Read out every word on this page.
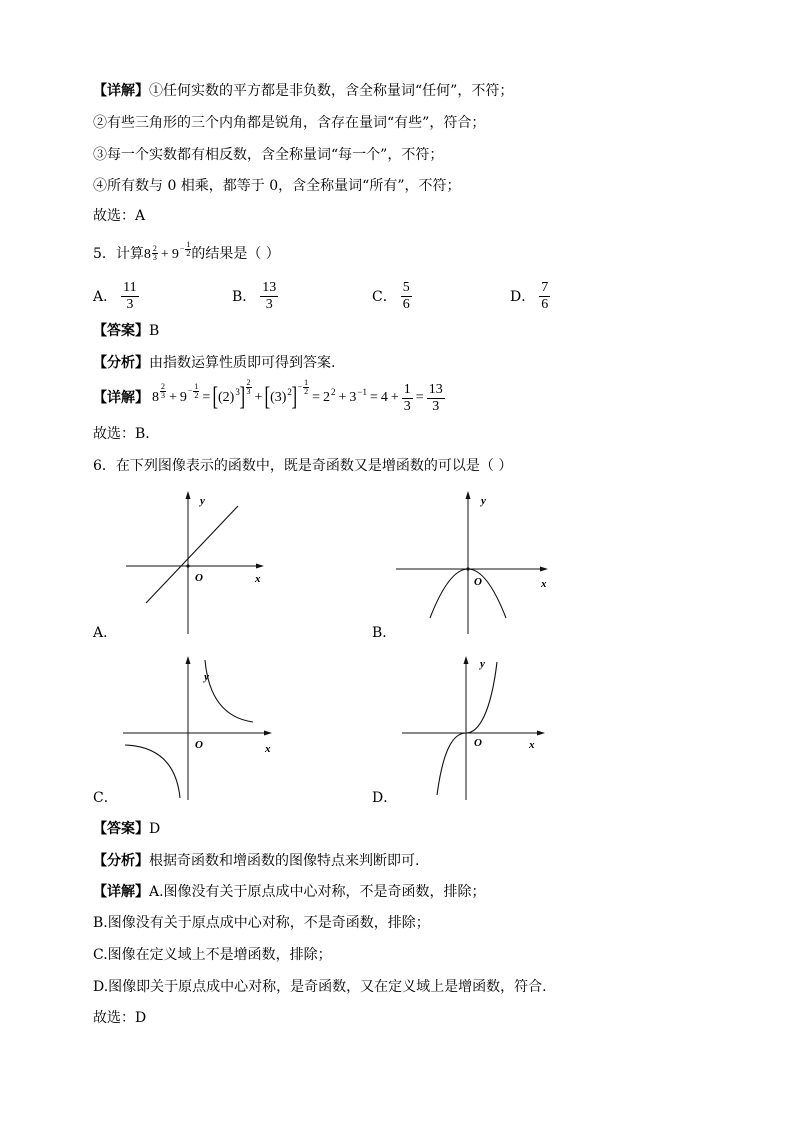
【详解】①任何实数的平方都是非负数，含全称量词“任何”，不符；
②有些三角形的三个内角都是锐角，含存在量词“有些”，符合；
③每一个实数都有相反数，含全称量词“每一个”，不符；
④所有数与 0 相乘，都等于 0，含全称量词“所有”，不符；
故选：A
5．计算$8 \frac{2}{3} + 9 - \frac{1}{2}$ 的结果是（ ）
A． $\frac{11}{3}$	B． $\frac{13}{3}$	C． $\frac{5}{6}$	D． $\frac{7}{6}$
【答案】B
【分析】由指数运算性质即可得到答案.
【详解】 $8 \frac{2}{3} + 9 - \frac{1}{2}$ = [ (2) 3 ] $\frac{2}{3}$
+ [ (3) 2 ] − $\frac{1}{2}$
= 2 $2 + 3 -1 = 4 + \frac{1}{3} = \frac{13}{3}$
故选：B.
6．在下列图像表示的函数中，既是奇函数又是增函数的可以是（ ）
y
x
O
A．
y
x
O
B．
y
x
O
C．
y
x
O
D．
【答案】D
【分析】根据奇函数和增函数的图像特点来判断即可.
【详解】A.图像没有关于原点成中心对称，不是奇函数，排除；
B.图像没有关于原点成中心对称，不是奇函数，排除；
C.图像在定义域上不是增函数，排除；
D.图像即关于原点成中心对称，是奇函数，又在定义域上是增函数，符合.
故选：D
